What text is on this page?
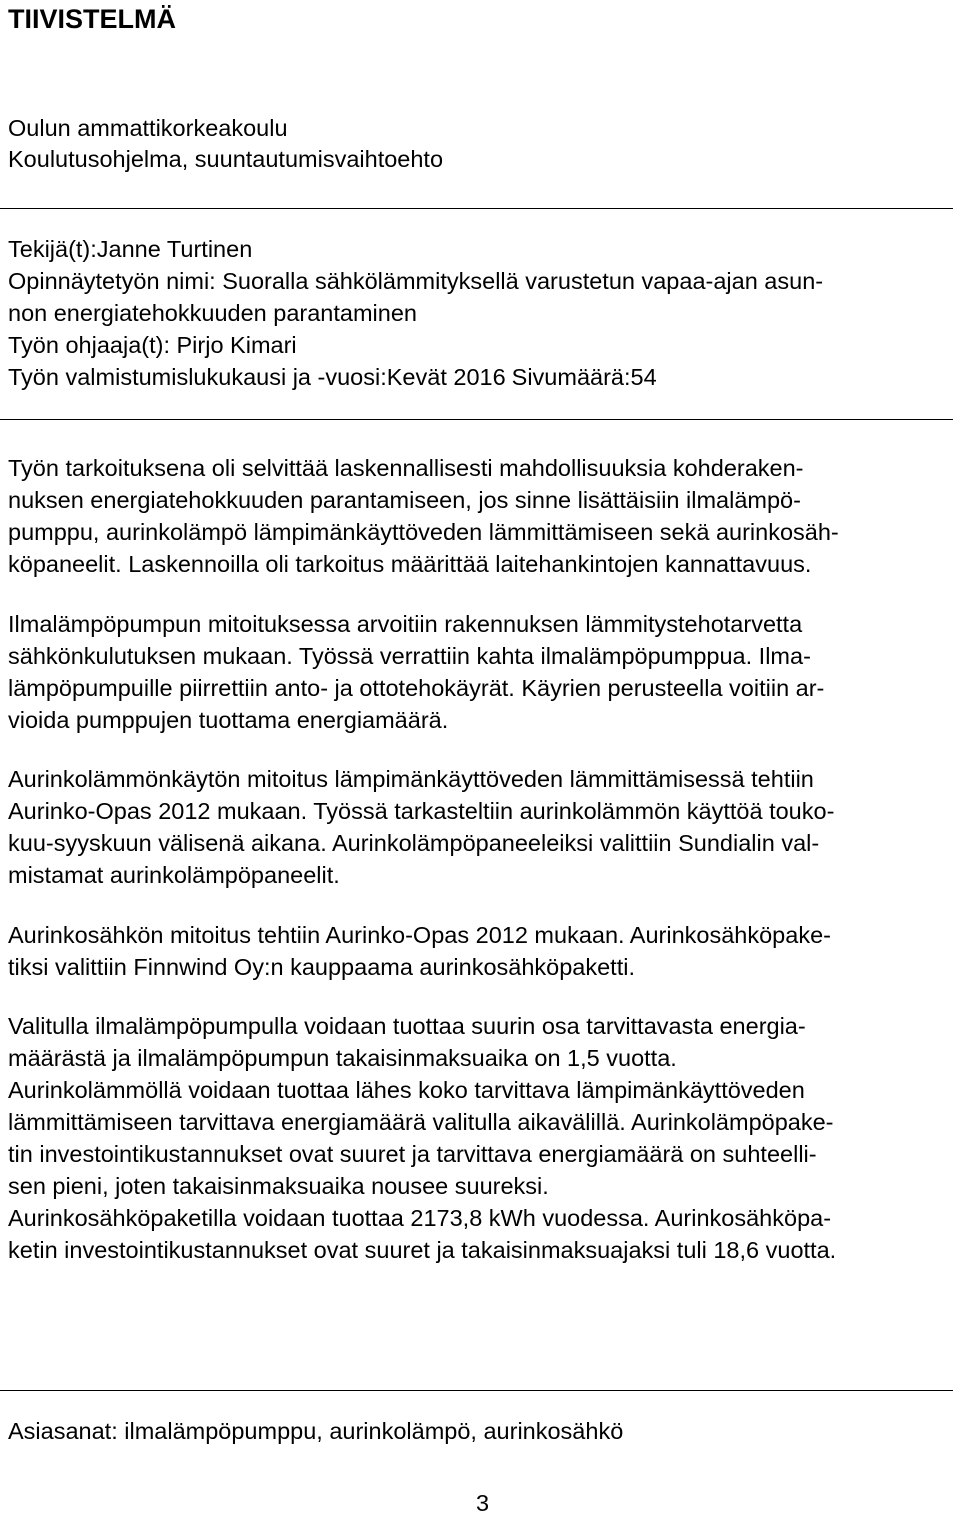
TIIVISTELMÄ
Oulun ammattikorkeakoulu
Koulutusohjelma, suuntautumisvaihtoehto
Tekijä(t):Janne Turtinen
Opinnäytetyön nimi: Suoralla sähkölämmityksellä varustetun vapaa-ajan asun-
non energiatehokkuuden parantaminen
Työn ohjaaja(t): Pirjo Kimari
Työn valmistumislukukausi ja -vuosi:Kevät 2016 Sivumäärä:54
Työn tarkoituksena oli selvittää laskennallisesti mahdollisuuksia kohderaken-
nuksen energiatehokkuuden parantamiseen, jos sinne lisättäisiin ilmalämpö-
pumppu, aurinkolämpö lämpimänkäyttöveden lämmittämiseen sekä aurinkosäh-
köpaneelit. Laskennoilla oli tarkoitus määrittää laitehankintojen kannattavuus.
Ilmalämpöpumpun mitoituksessa arvoitiin rakennuksen lämmitystehotarvetta
sähkönkulutuksen mukaan. Työssä verrattiin kahta ilmalämpöpumppua. Ilma-
lämpöpumpuille piirrettiin anto- ja ottotehokäyrät. Käyrien perusteella voitiin ar-
vioida pumppujen tuottama energiamäärä.
Aurinkolämmönkäytön mitoitus lämpimänkäyttöveden lämmittämisessä tehtiin
Aurinko-Opas 2012 mukaan. Työssä tarkasteltiin aurinkolämmön käyttöä touko-
kuu-syyskuun välisenä aikana. Aurinkolämpöpaneeleiksi valittiin Sundialin val-
mistamat aurinkolämpöpaneelit.
Aurinkosähkön mitoitus tehtiin Aurinko-Opas 2012 mukaan. Aurinkosähköpake-
tiksi valittiin Finnwind Oy:n kauppaama aurinkosähköpaketti.
Valitulla ilmalämpöpumpulla voidaan tuottaa suurin osa tarvittavasta energia-
määrästä ja ilmalämpöpumpun takaisinmaksuaika on 1,5 vuotta.
Aurinkolämmöllä voidaan tuottaa lähes koko tarvittava lämpimänkäyttöveden
lämmittämiseen tarvittava energiamäärä valitulla aikavälillä. Aurinkolämpöpake-
tin investointikustannukset ovat suuret ja tarvittava energiamäärä on suhteelli-
sen pieni, joten takaisinmaksuaika nousee suureksi.
Aurinkosähköpaketilla voidaan tuottaa 2173,8 kWh vuodessa. Aurinkosähköpa-
ketin investointikustannukset ovat suuret ja takaisinmaksuajaksi tuli 18,6 vuotta.
Asiasanat: ilmalämpöpumppu, aurinkolämpö, aurinkosähkö
3
